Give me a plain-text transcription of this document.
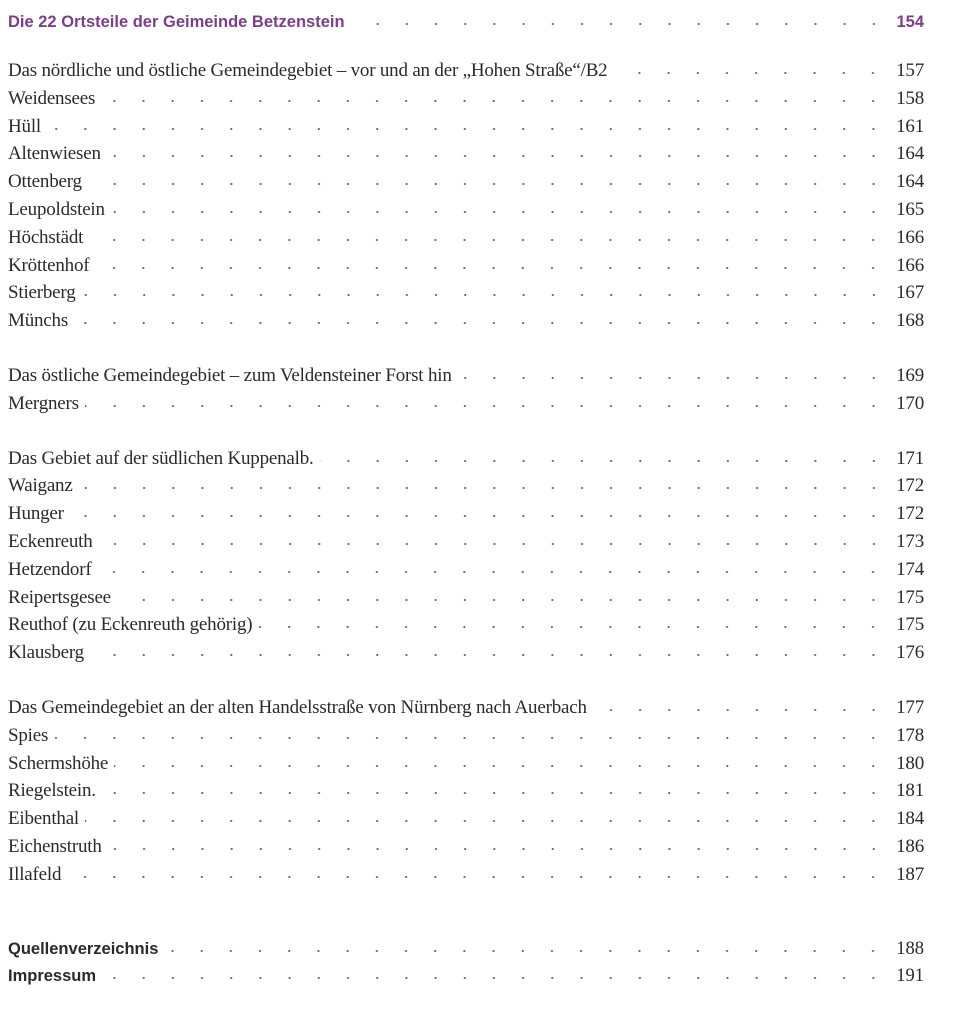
Die 22 Ortsteile der Geimeinde Betzenstein	154
Das nördliche und östliche Gemeindegebiet – vor und an der „Hohen Straße“/B2	157
Weidensees	158
Hüll	161
Altenwiesen	164
Ottenberg	164
Leupoldstein	165
Höchstädt	166
Kröttenhof	166
Stierberg	167
Münchs	168
Das östliche Gemeindegebiet – zum Veldensteiner Forst hin	169
Mergners	170
Das Gebiet auf der südlichen Kuppenalb.	171
Waiganz	172
Hunger	172
Eckenreuth	173
Hetzendorf	174
Reipertsgesee	175
Reuthof (zu Eckenreuth gehörig)	175
Klausberg	176
Das Gemeindegebiet an der alten Handelsstraße von Nürnberg nach Auerbach	177
Spies	178
Schermshöhe	180
Riegelstein.	181
Eibenthal	184
Eichenstruth	186
Illafeld	187
Quellenverzeichnis	188
Impressum	191
